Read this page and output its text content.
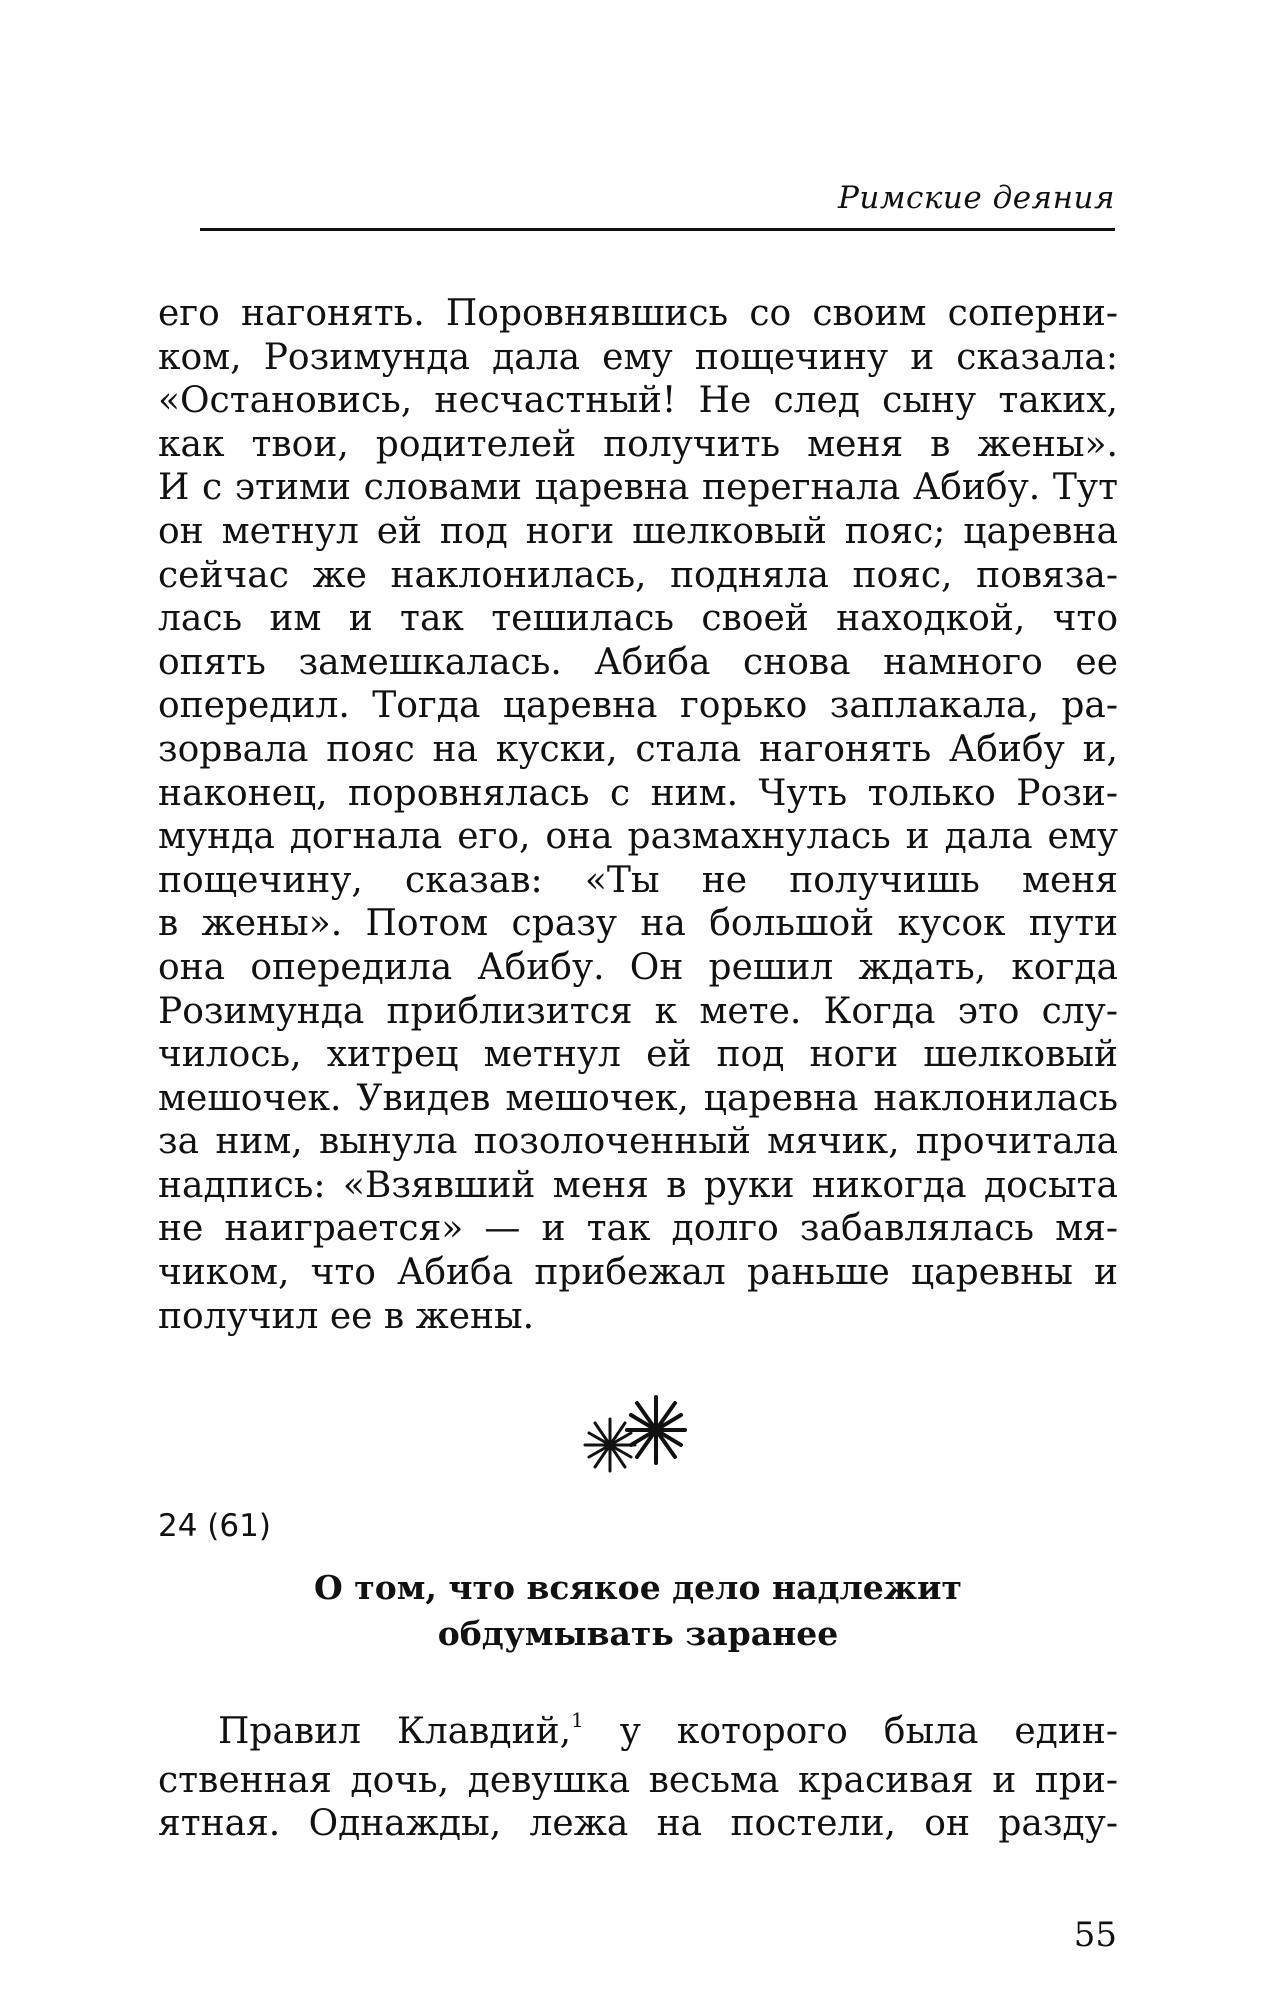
Римские деяния
его нагонять. Поровнявшись со своим соперни-
ком, Розимунда дала ему пощечину и сказала:
«Остановись, несчастный! Не след сыну таких,
как твои, родителей получить меня в жены».
И с этими словами царевна перегнала Абибу. Тут
он метнул ей под ноги шелковый пояс; царевна
сейчас же наклонилась, подняла пояс, повяза-
лась им и так тешилась своей находкой, что
опять замешкалась. Абиба снова намного ее
опередил. Тогда царевна горько заплакала, ра-
зорвала пояс на куски, стала нагонять Абибу и,
наконец, поровнялась с ним. Чуть только Рози-
мунда догнала его, она размахнулась и дала ему
пощечину, сказав: «Ты не получишь меня
в жены». Потом сразу на большой кусок пути
она опередила Абибу. Он решил ждать, когда
Розимунда приблизится к мете. Когда это слу-
чилось, хитрец метнул ей под ноги шелковый
мешочек. Увидев мешочек, царевна наклонилась
за ним, вынула позолоченный мячик, прочитала
надпись: «Взявший меня в руки никогда досыта
не наиграется» — и так долго забавлялась мя-
чиком, что Абиба прибежал раньше царевны и
получил ее в жены.
24 (61)
О том, что всякое дело надлежит
обдумывать заранее
Правил Клавдий,$^1$ у которого была един-
ственная дочь, девушка весьма красивая и при-
ятная. Однажды, лежа на постели, он разду-
55
